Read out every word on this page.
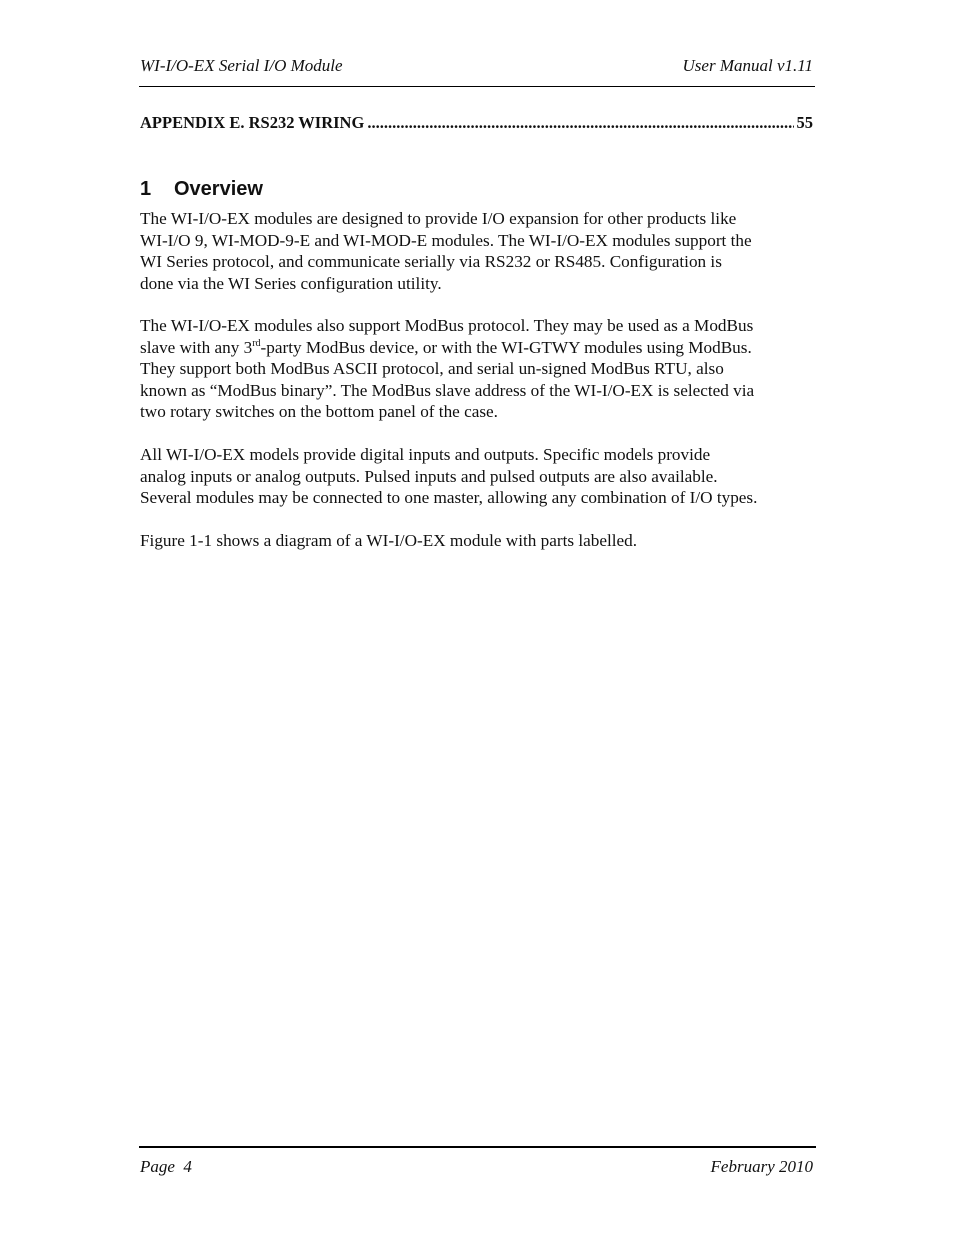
WI-I/O-EX Serial I/O Module	User Manual v1.11
APPENDIX E. RS232 WIRING
.....	55
1 Overview

The WI-I/O-EX modules are designed to provide I/O expansion for other products like
WI-I/O 9, WI-MOD-9-E and WI-MOD-E modules. The WI-I/O-EX modules support the
WI Series protocol, and communicate serially via RS232 or RS485. Configuration is
done via the WI Series configuration utility.

The WI-I/O-EX modules also support ModBus protocol. They may be used as a ModBus
slave with any 3rd-party ModBus device, or with the WI-GTWY modules using ModBus.
They support both ModBus ASCII protocol, and serial un-signed ModBus RTU, also
known as “ModBus binary”. The ModBus slave address of the WI-I/O-EX is selected via
two rotary switches on the bottom panel of the case.

All WI-I/O-EX models provide digital inputs and outputs. Specific models provide
analog inputs or analog outputs. Pulsed inputs and pulsed outputs are also available.
Several modules may be connected to one master, allowing any combination of I/O types.

Figure 1-1 shows a diagram of a WI-I/O-EX module with parts labelled.

Page  4	February 2010
